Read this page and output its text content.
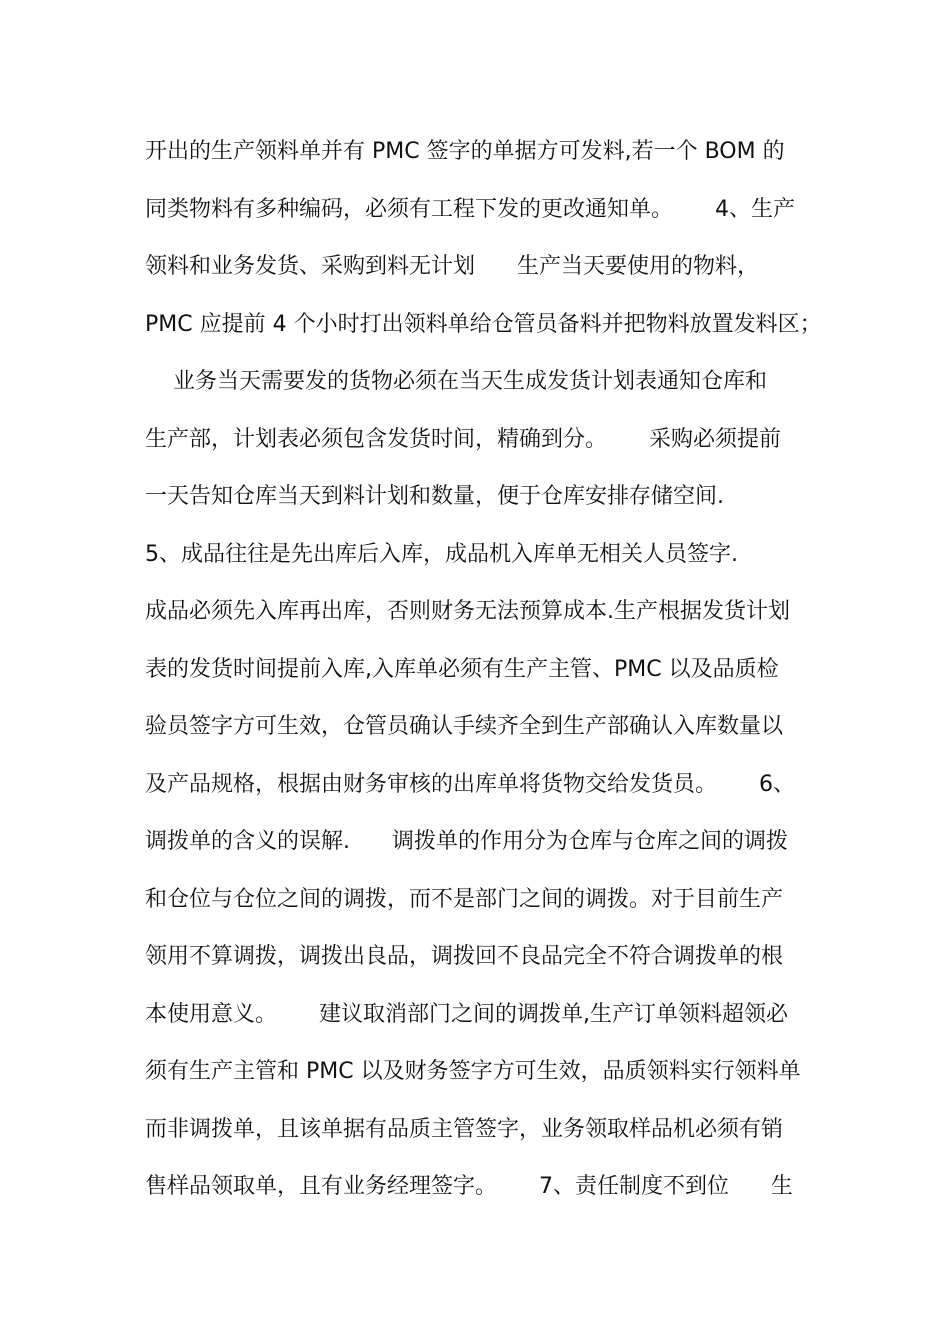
开出的生产领料单并有 PMC 签字的单据方可发料,若一个 BOM 的
同类物料有多种编码，必须有工程下发的更改通知单。      4、生产
领料和业务发货、采购到料无计划      生产当天要使用的物料，
PMC 应提前 4 个小时打出领料单给仓管员备料并把物料放置发料区；
业务当天需要发的货物必须在当天生成发货计划表通知仓库和
生产部，计划表必须包含发货时间，精确到分。      采购必须提前
一天告知仓库当天到料计划和数量，便于仓库安排存储空间.
5、成品往往是先出库后入库，成品机入库单无相关人员签字.
成品必须先入库再出库，否则财务无法预算成本.生产根据发货计划
表的发货时间提前入库,入库单必须有生产主管、PMC 以及品质检
验员签字方可生效，仓管员确认手续齐全到生产部确认入库数量以
及产品规格，根据由财务审核的出库单将货物交给发货员。      6、
调拨单的含义的误解.      调拨单的作用分为仓库与仓库之间的调拨
和仓位与仓位之间的调拨，而不是部门之间的调拨。对于目前生产
领用不算调拨，调拨出良品，调拨回不良品完全不符合调拨单的根
本使用意义。      建议取消部门之间的调拨单,生产订单领料超领必
须有生产主管和 PMC 以及财务签字方可生效，品质领料实行领料单
而非调拨单，且该单据有品质主管签字，业务领取样品机必须有销
售样品领取单，且有业务经理签字。      7、责任制度不到位      生
